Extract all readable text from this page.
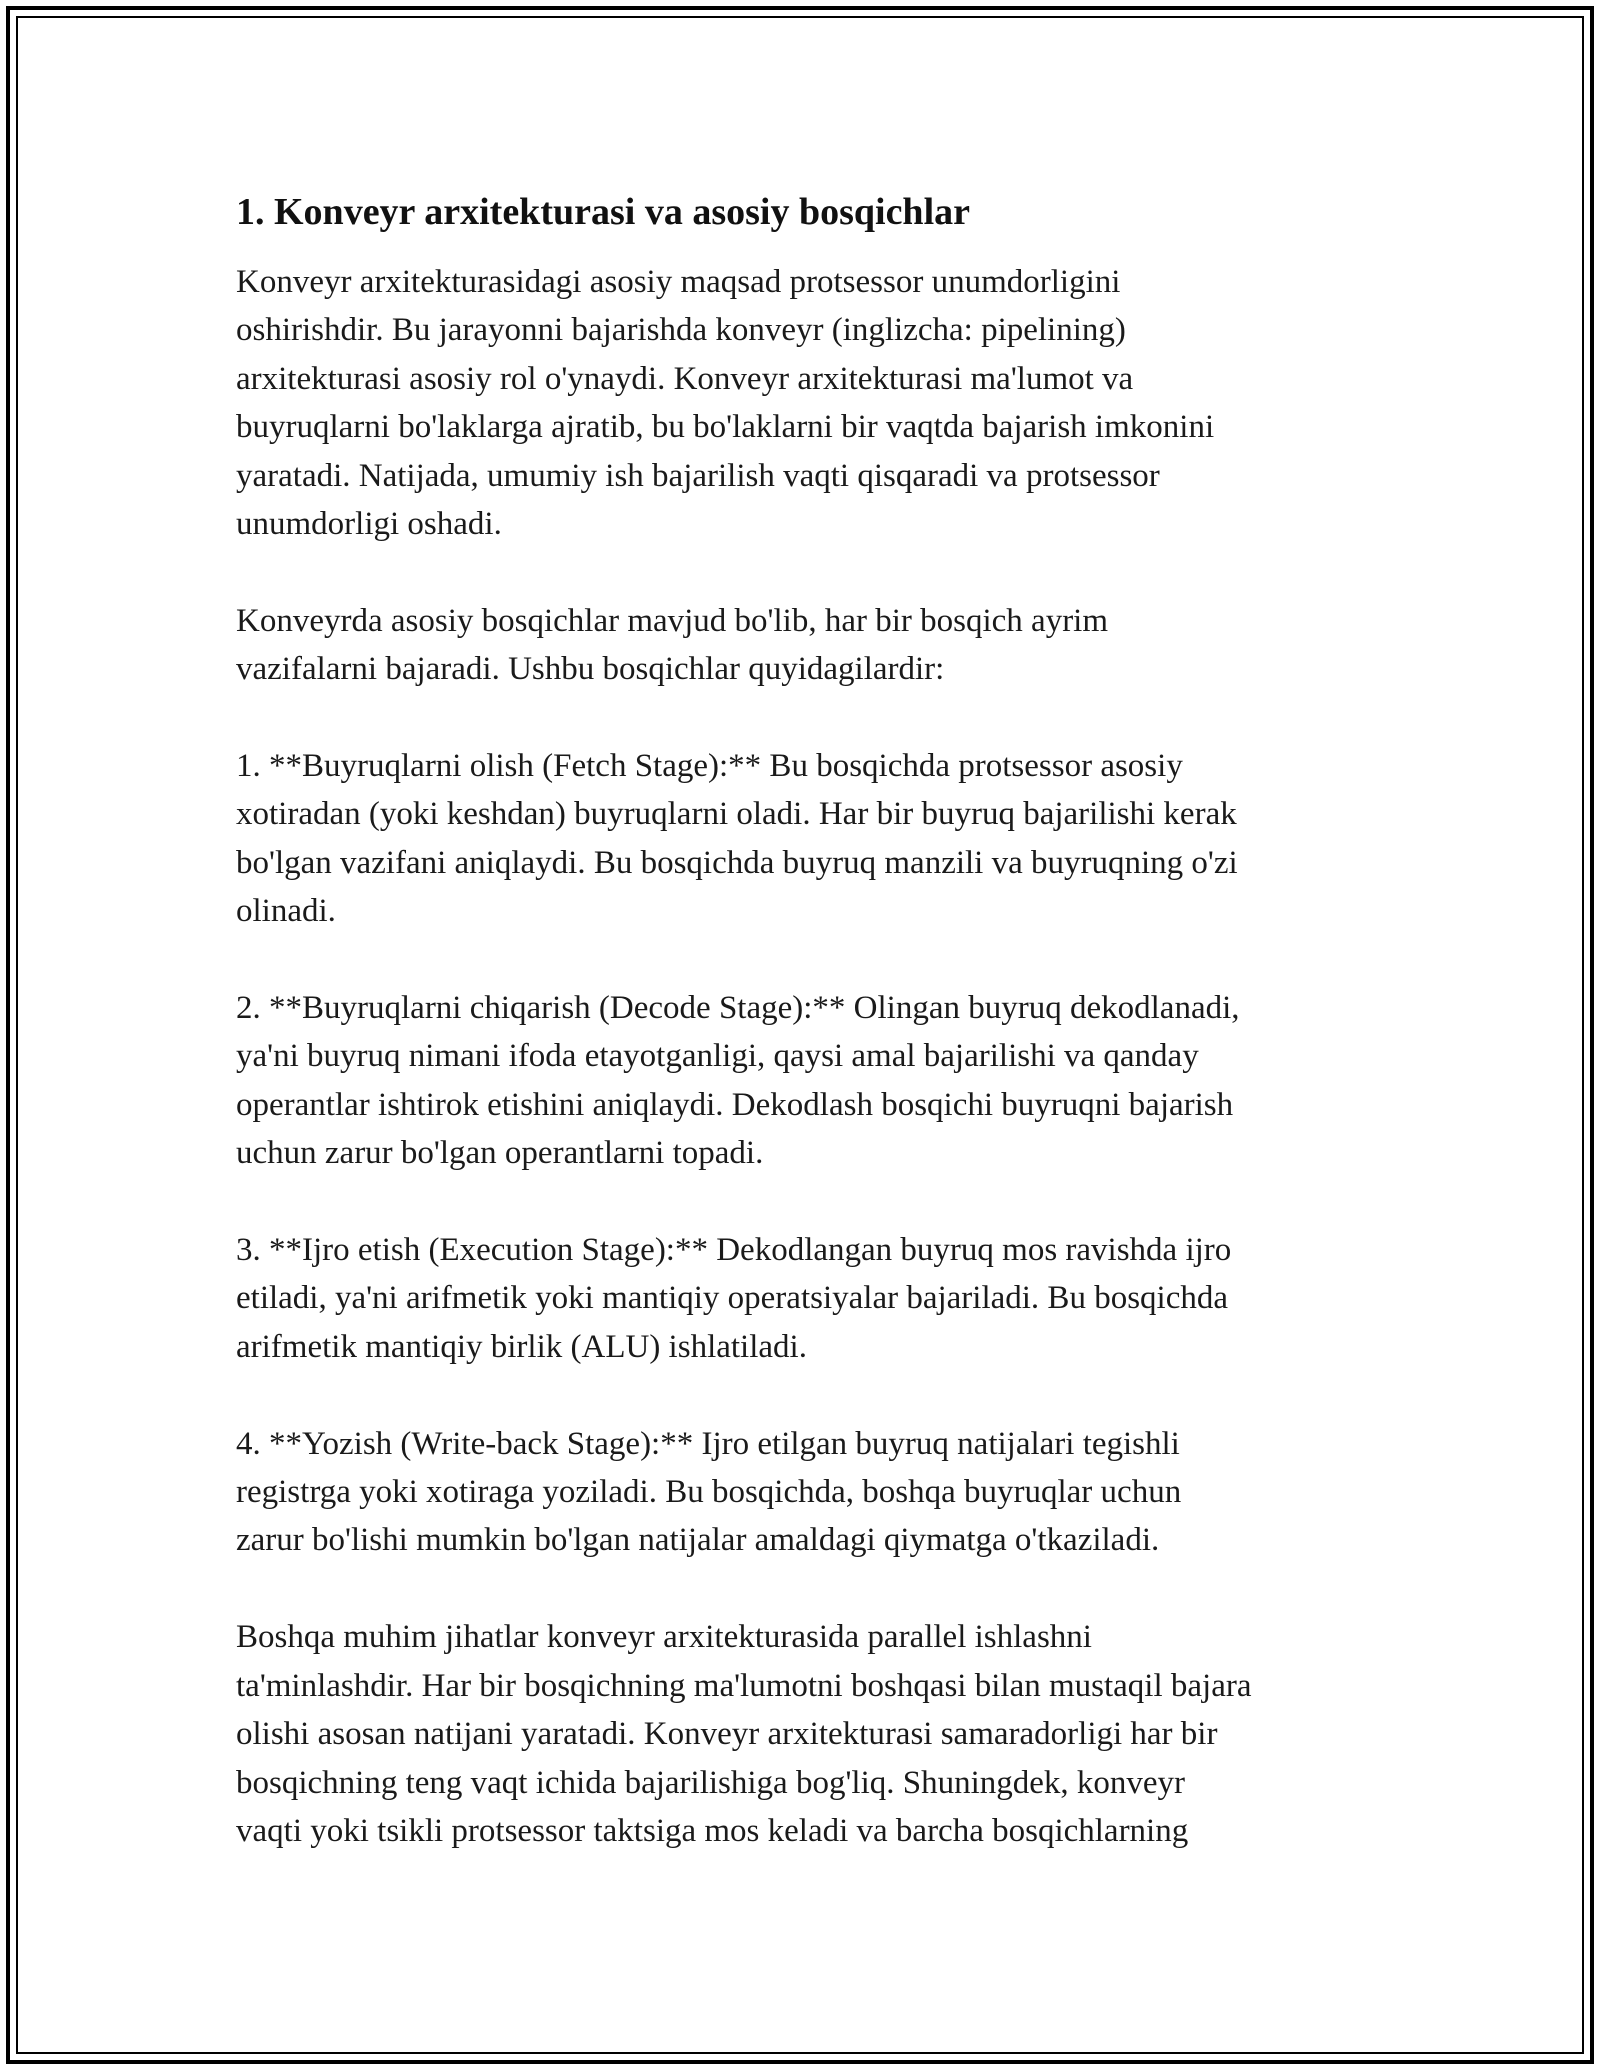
1. Konveyr arxitekturasi va asosiy bosqichlar

Konveyr arxitekturasidagi asosiy maqsad protsessor unumdorligini
oshirishdir. Bu jarayonni bajarishda konveyr (inglizcha: pipelining)
arxitekturasi asosiy rol o'ynaydi. Konveyr arxitekturasi ma'lumot va
buyruqlarni bo'laklarga ajratib, bu bo'laklarni bir vaqtda bajarish imkonini
yaratadi. Natijada, umumiy ish bajarilish vaqti qisqaradi va protsessor
unumdorligi oshadi.

Konveyrda asosiy bosqichlar mavjud bo'lib, har bir bosqich ayrim
vazifalarni bajaradi. Ushbu bosqichlar quyidagilardir:

1. **Buyruqlarni olish (Fetch Stage):** Bu bosqichda protsessor asosiy
xotiradan (yoki keshdan) buyruqlarni oladi. Har bir buyruq bajarilishi kerak
bo'lgan vazifani aniqlaydi. Bu bosqichda buyruq manzili va buyruqning o'zi
olinadi.

2. **Buyruqlarni chiqarish (Decode Stage):** Olingan buyruq dekodlanadi,
ya'ni buyruq nimani ifoda etayotganligi, qaysi amal bajarilishi va qanday
operantlar ishtirok etishini aniqlaydi. Dekodlash bosqichi buyruqni bajarish
uchun zarur bo'lgan operantlarni topadi.

3. **Ijro etish (Execution Stage):** Dekodlangan buyruq mos ravishda ijro
etiladi, ya'ni arifmetik yoki mantiqiy operatsiyalar bajariladi. Bu bosqichda
arifmetik mantiqiy birlik (ALU) ishlatiladi.

4. **Yozish (Write-back Stage):** Ijro etilgan buyruq natijalari tegishli
registrga yoki xotiraga yoziladi. Bu bosqichda, boshqa buyruqlar uchun
zarur bo'lishi mumkin bo'lgan natijalar amaldagi qiymatga o'tkaziladi.

Boshqa muhim jihatlar konveyr arxitekturasida parallel ishlashni
ta'minlashdir. Har bir bosqichning ma'lumotni boshqasi bilan mustaqil bajara
olishi asosan natijani yaratadi. Konveyr arxitekturasi samaradorligi har bir
bosqichning teng vaqt ichida bajarilishiga bog'liq. Shuningdek, konveyr
vaqti yoki tsikli protsessor taktsiga mos keladi va barcha bosqichlarning
